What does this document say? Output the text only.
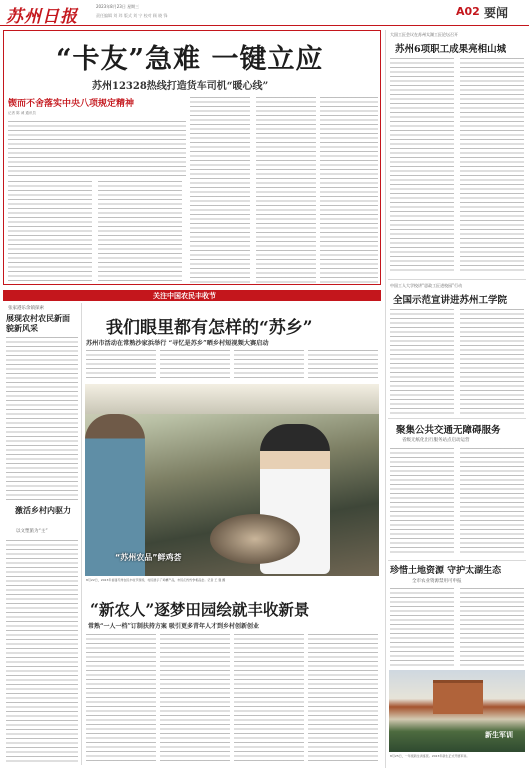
苏州日报
2023年8月23日 星期三
责任编辑 刘 玮 版式 刘 宁 校对 顾 晓 锋	A02 要闻
“卡友”急难 一键立应
苏州12328热线打造货车司机“暖心线”
锲而不舍落实中央八项规定精神
记者 陈 诚 通讯员
大国工匠会议在苏州太湖工匠论坛召开
苏州6项职工成果亮相山城
中国工人大学校讲“思政工匠进校园”行动
全国示范宣讲进苏州工学院
聚集公共交通无障碍服务
省级无纸化出行服务站点启动运营
珍惜土地资源 守护太湖生态
全市农业资源禁用可申报
新生军训
8月25日，一年级新生训练营。2023年新生正式开展军训。
关注中国农民丰收节
张家港乐余镇探索
展现农村农民新面貌新风采
激活乡村内驱力
以文塑旅为“主”
我们眼里都有怎样的“苏乡”
苏州市活动在常熟沙家浜举行 “寻忆是苏乡”晒乡村短视频大赛启动
“苏州农品”鲜鸡荟
8月22日，2023年首届苏州农民丰收节现场，村民展示了鸡精产品，市民们纷纷争相品尝。记者 王 强 摄
“新农人”逐梦田园绘就丰收新景
常熟“一人一档”订制扶持方案 吸引更多青年人才到乡村创新创业
